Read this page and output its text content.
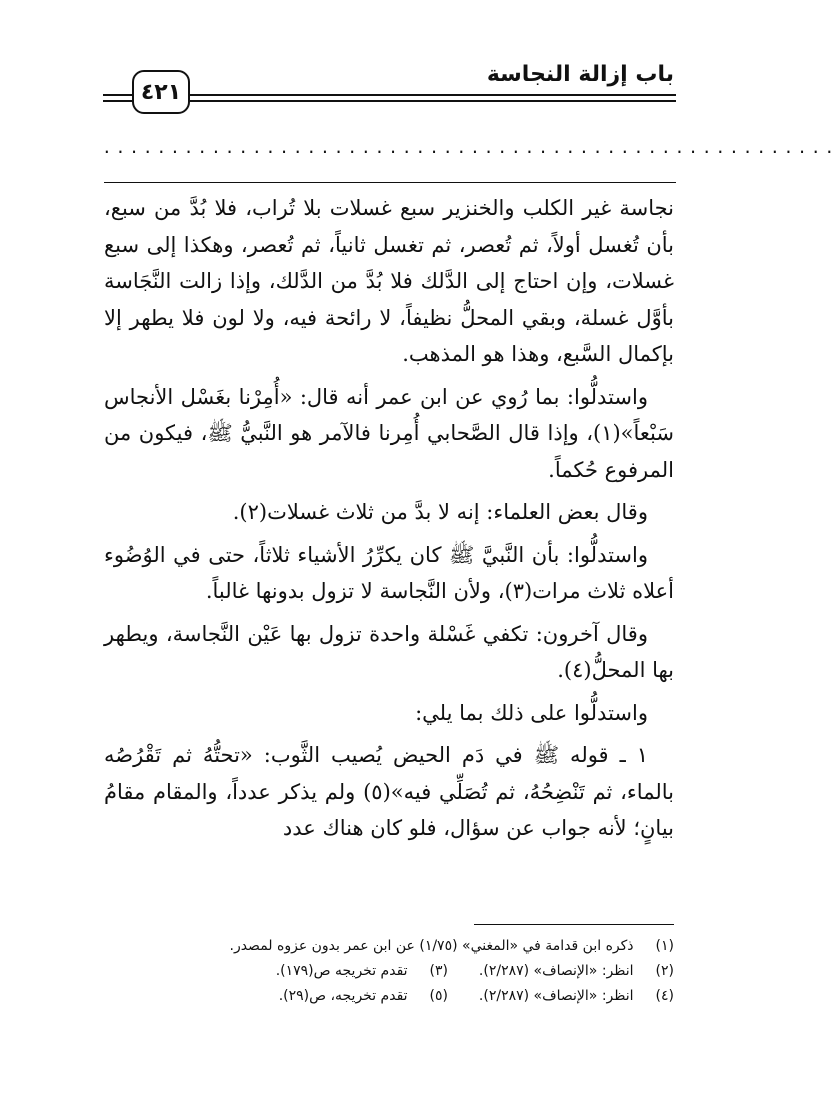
باب إزالة النجاسة
٤٢١
......................................................

نجاسة غير الكلب والخنزير سبع غسلات بلا تُراب، فلا بُدَّ من سبع، بأن تُغسل أولاً، ثم تُعصر، ثم تغسل ثانياً، ثم تُعصر، وهكذا إلى سبع غسلات، وإن احتاج إلى الدَّلك فلا بُدَّ من الدَّلك، وإذا زالت النَّجَاسة بأوَّل غسلة، وبقي المحلُّ نظيفاً، لا رائحة فيه، ولا لون فلا يطهر إلا بإكمال السَّبع، وهذا هو المذهب.

واستدلُّوا: بما رُوي عن ابن عمر أنه قال: «أُمِرْنا بغَسْل الأنجاس سَبْعاً»(١)، وإذا قال الصَّحابي أُمِرنا فالآمر هو النَّبيُّ ﷺ، فيكون من المرفوع حُكماً.

وقال بعض العلماء: إنه لا بدَّ من ثلاث غسلات(٢).

واستدلُّوا: بأن النَّبيَّ ﷺ كان يكرِّرُ الأشياء ثلاثاً، حتى في الوُضُوء أعلاه ثلاث مرات(٣)، ولأن النَّجاسة لا تزول بدونها غالباً.

وقال آخرون: تكفي غَسْلة واحدة تزول بها عَيْن النَّجاسة، ويطهر بها المحلُّ(٤).

واستدلُّوا على ذلك بما يلي:

١ ـ قوله ﷺ في دَم الحيض يُصيب الثَّوب: «تحتُّهُ ثم تَقْرُصُه بالماء، ثم تَنْضِحُهُ، ثم تُصَلِّي فيه»(٥) ولم يذكر عدداً، والمقام مقامُ بيانٍ؛ لأنه جواب عن سؤال، فلو كان هناك عدد

(١) ذكره ابن قدامة في «المغني» (١/٧٥) عن ابن عمر بدون عزوه لمصدر.
(٢) انظر: «الإنصاف» (٢/٢٨٧).  (٣) تقدم تخريجه ص(١٧٩).
(٤) انظر: «الإنصاف» (٢/٢٨٧).  (٥) تقدم تخريجه، ص(٢٩).
